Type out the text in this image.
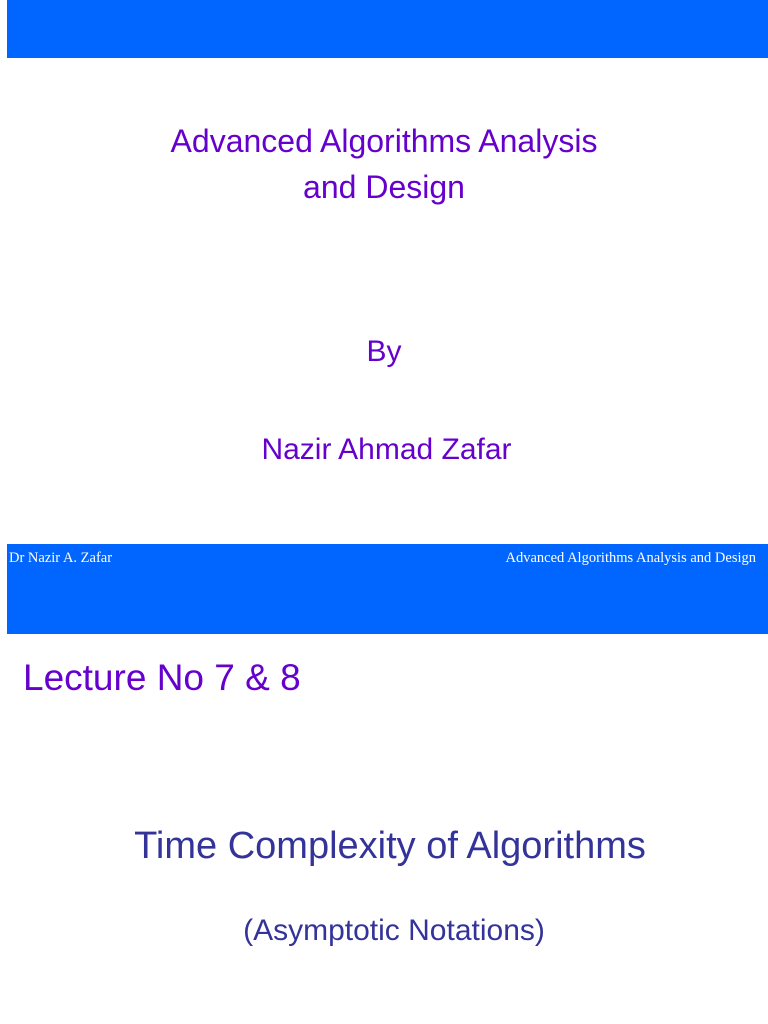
Advanced Algorithms Analysis
and Design
By
Nazir Ahmad Zafar
Dr Nazir A. Zafar	Advanced Algorithms Analysis and Design
Lecture No 7 & 8
Time Complexity of Algorithms
(Asymptotic Notations)
